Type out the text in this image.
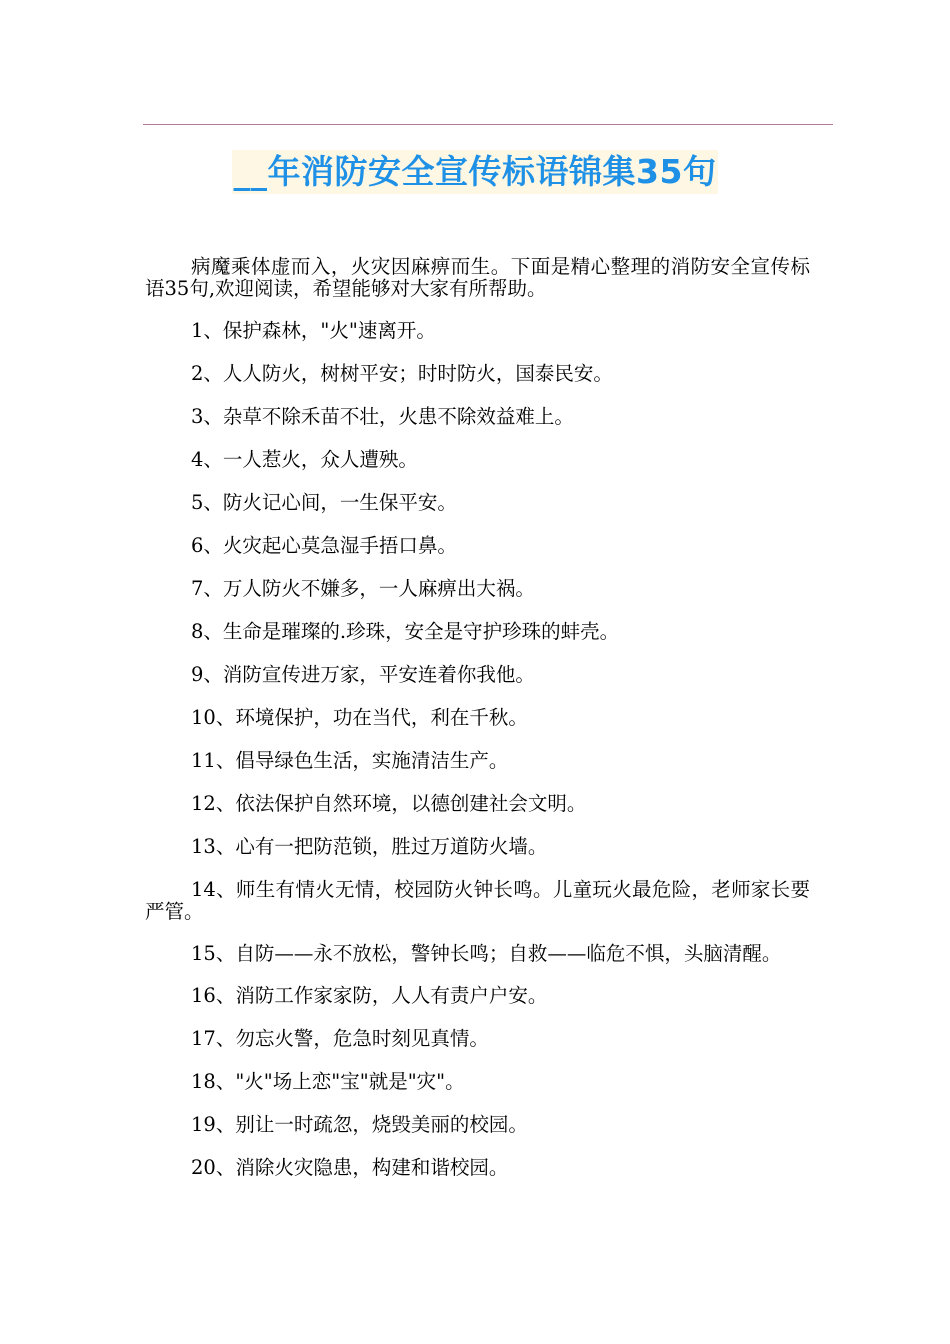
__年消防安全宣传标语锦集35句

病魔乘体虚而入，火灾因麻痹而生。下面是精心整理的消防安全宣传标语35句,欢迎阅读，希望能够对大家有所帮助。

1、保护森林，"火"速离开。

2、人人防火，树树平安；时时防火，国泰民安。

3、杂草不除禾苗不壮，火患不除效益难上。

4、一人惹火，众人遭殃。

5、防火记心间，一生保平安。

6、火灾起心莫急湿手捂口鼻。

7、万人防火不嫌多，一人麻痹出大祸。

8、生命是璀璨的.珍珠，安全是守护珍珠的蚌壳。

9、消防宣传进万家，平安连着你我他。

10、环境保护，功在当代，利在千秋。

11、倡导绿色生活，实施清洁生产。

12、依法保护自然环境，以德创建社会文明。

13、心有一把防范锁，胜过万道防火墙。

14、师生有情火无情，校园防火钟长鸣。儿童玩火最危险，老师家长要严管。

15、自防——永不放松，警钟长鸣；自救——临危不惧，头脑清醒。

16、消防工作家家防，人人有责户户安。

17、勿忘火警，危急时刻见真情。

18、"火"场上恋"宝"就是"灾"。

19、别让一时疏忽，烧毁美丽的校园。

20、消除火灾隐患，构建和谐校园。
